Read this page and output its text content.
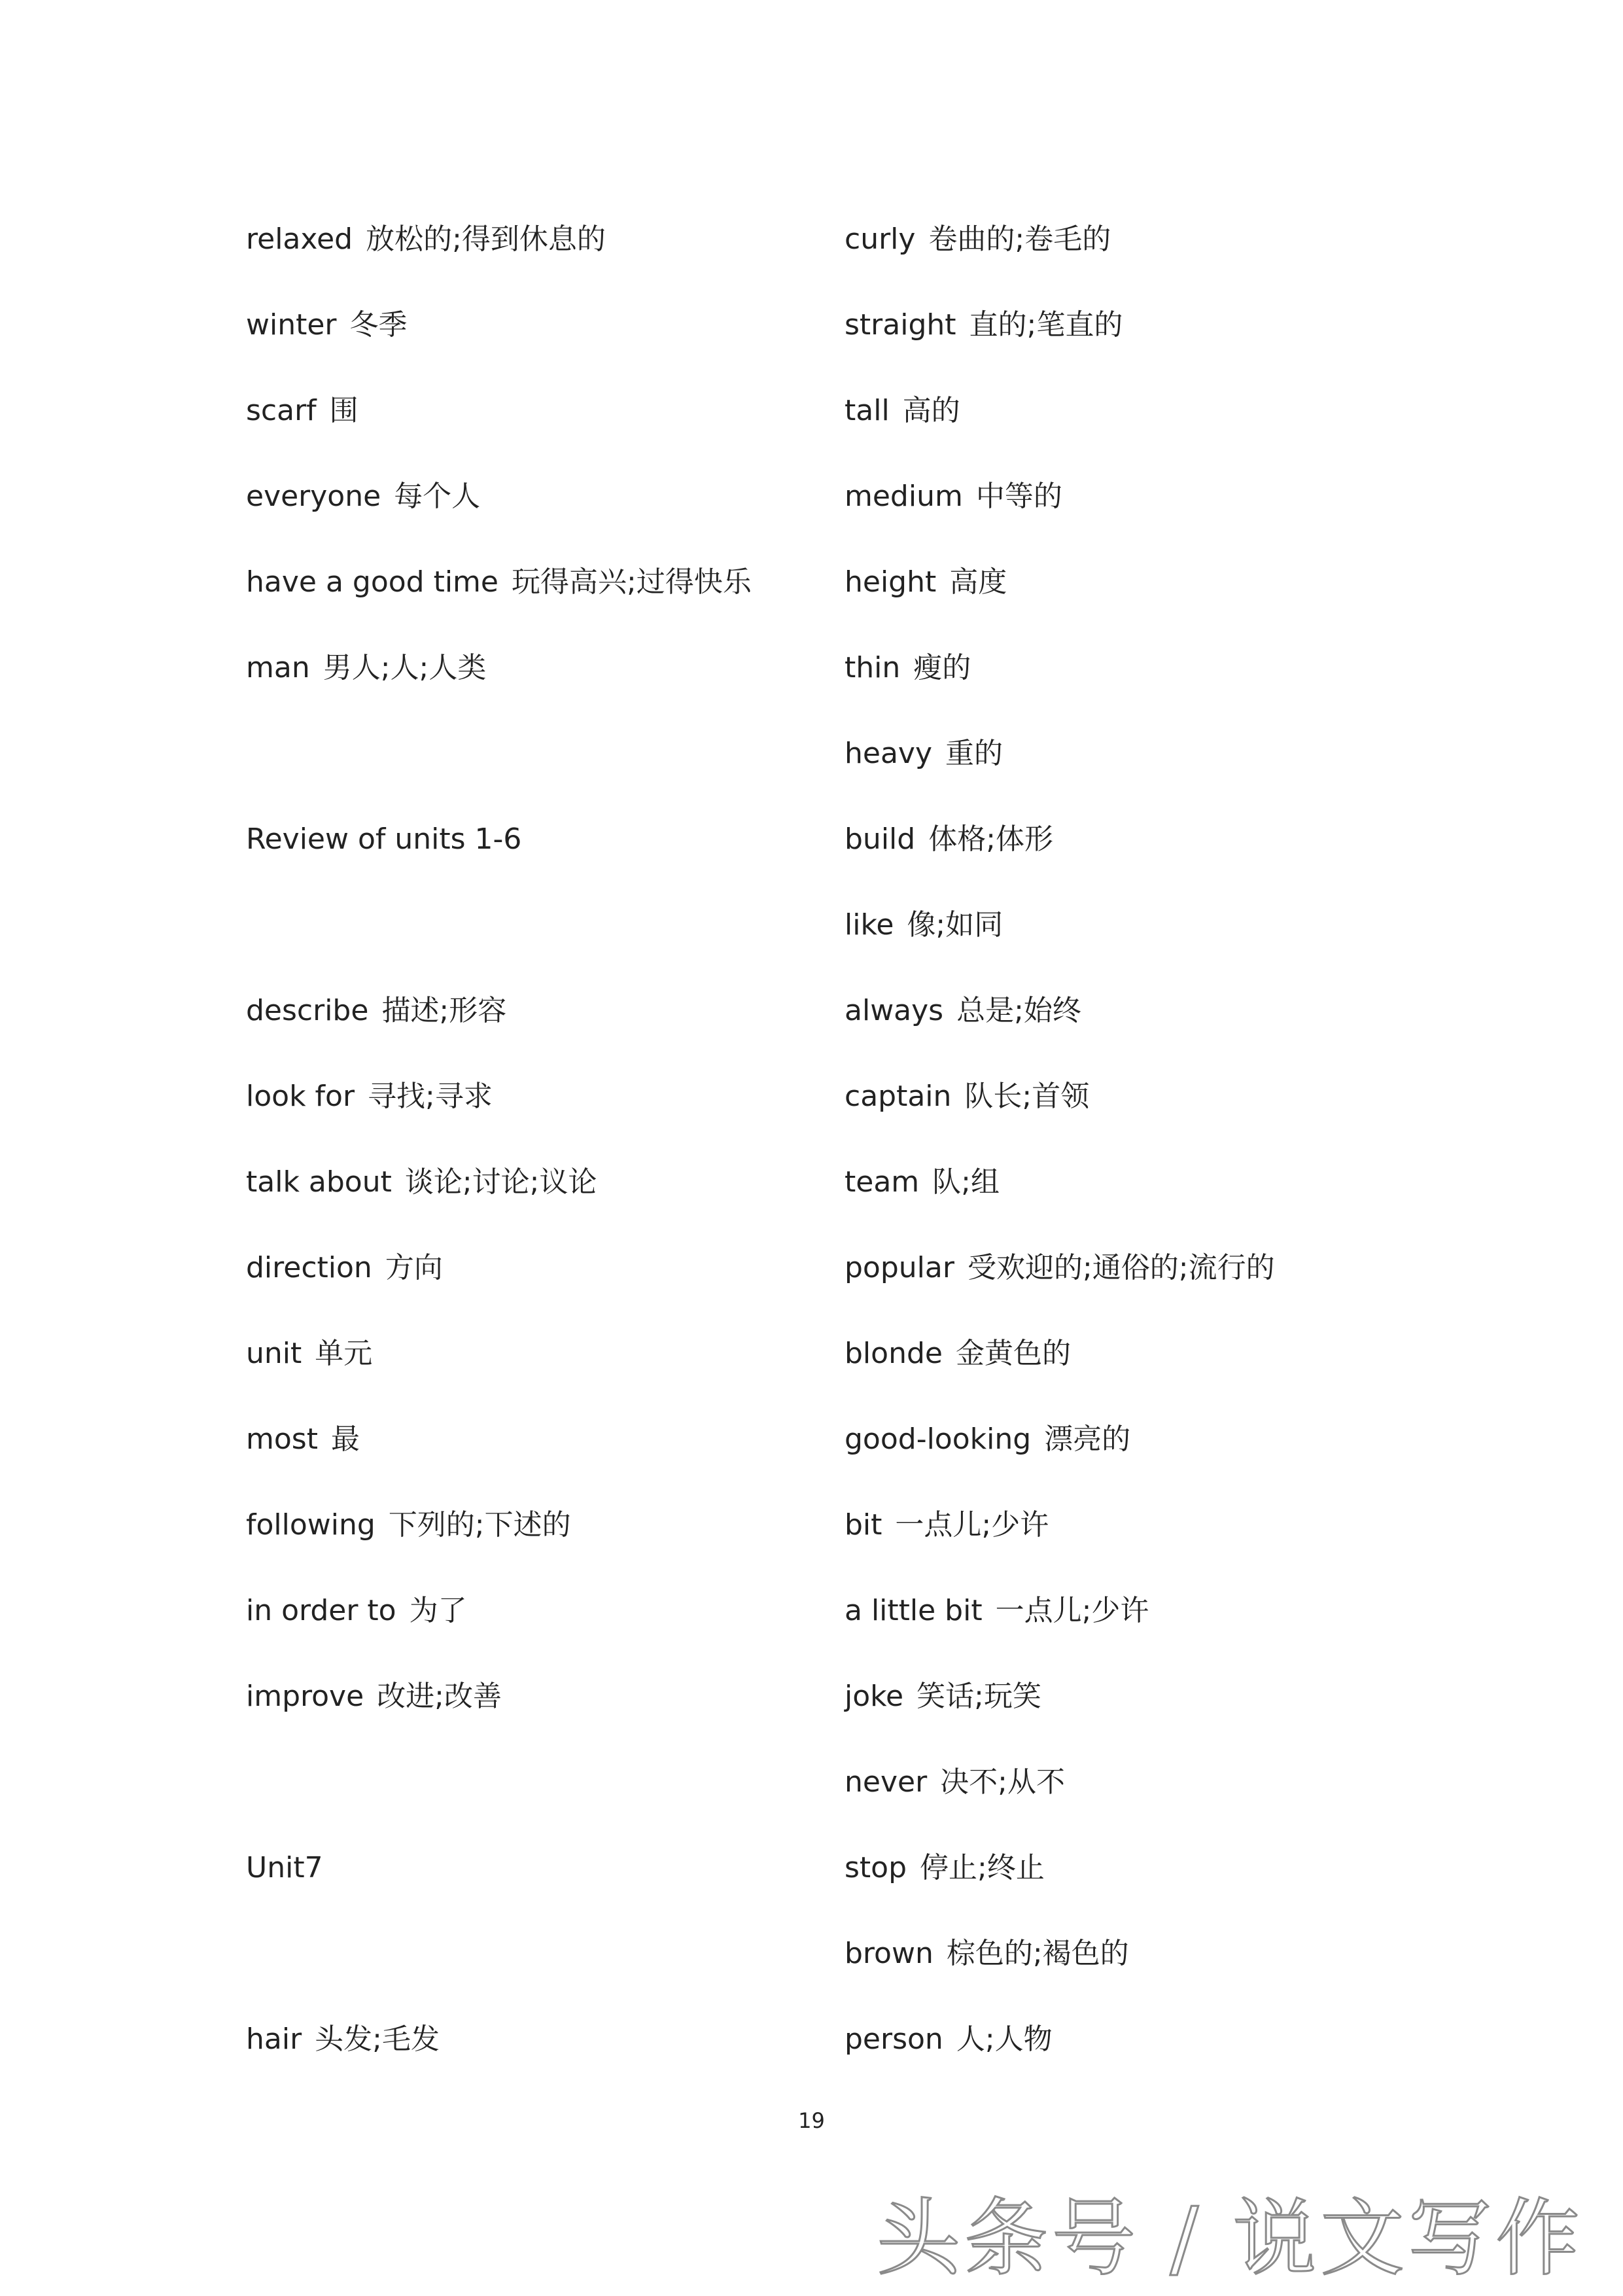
relaxed 放松的;得到休息的
winter 冬季
scarf 围
everyone 每个人
have a good time 玩得高兴;过得快乐
man 男人;人;人类
Review of units 1-6
describe 描述;形容
look for 寻找;寻求
talk about 谈论;讨论;议论
direction 方向
unit 单元
most 最
following 下列的;下述的
in order to 为了
improve 改进;改善
Unit7
hair 头发;毛发
curly 卷曲的;卷毛的
straight 直的;笔直的
tall 高的
medium 中等的
height 高度
thin 瘦的
heavy 重的
build 体格;体形
like 像;如同
always 总是;始终
captain 队长;首领
team 队;组
popular 受欢迎的;通俗的;流行的
blonde 金黄色的
good-looking 漂亮的
bit 一点儿;少许
a little bit 一点儿;少许
joke 笑话;玩笑
never 决不;从不
stop 停止;终止
brown 棕色的;褐色的
person 人;人物
19
头条号 / 说文写作
